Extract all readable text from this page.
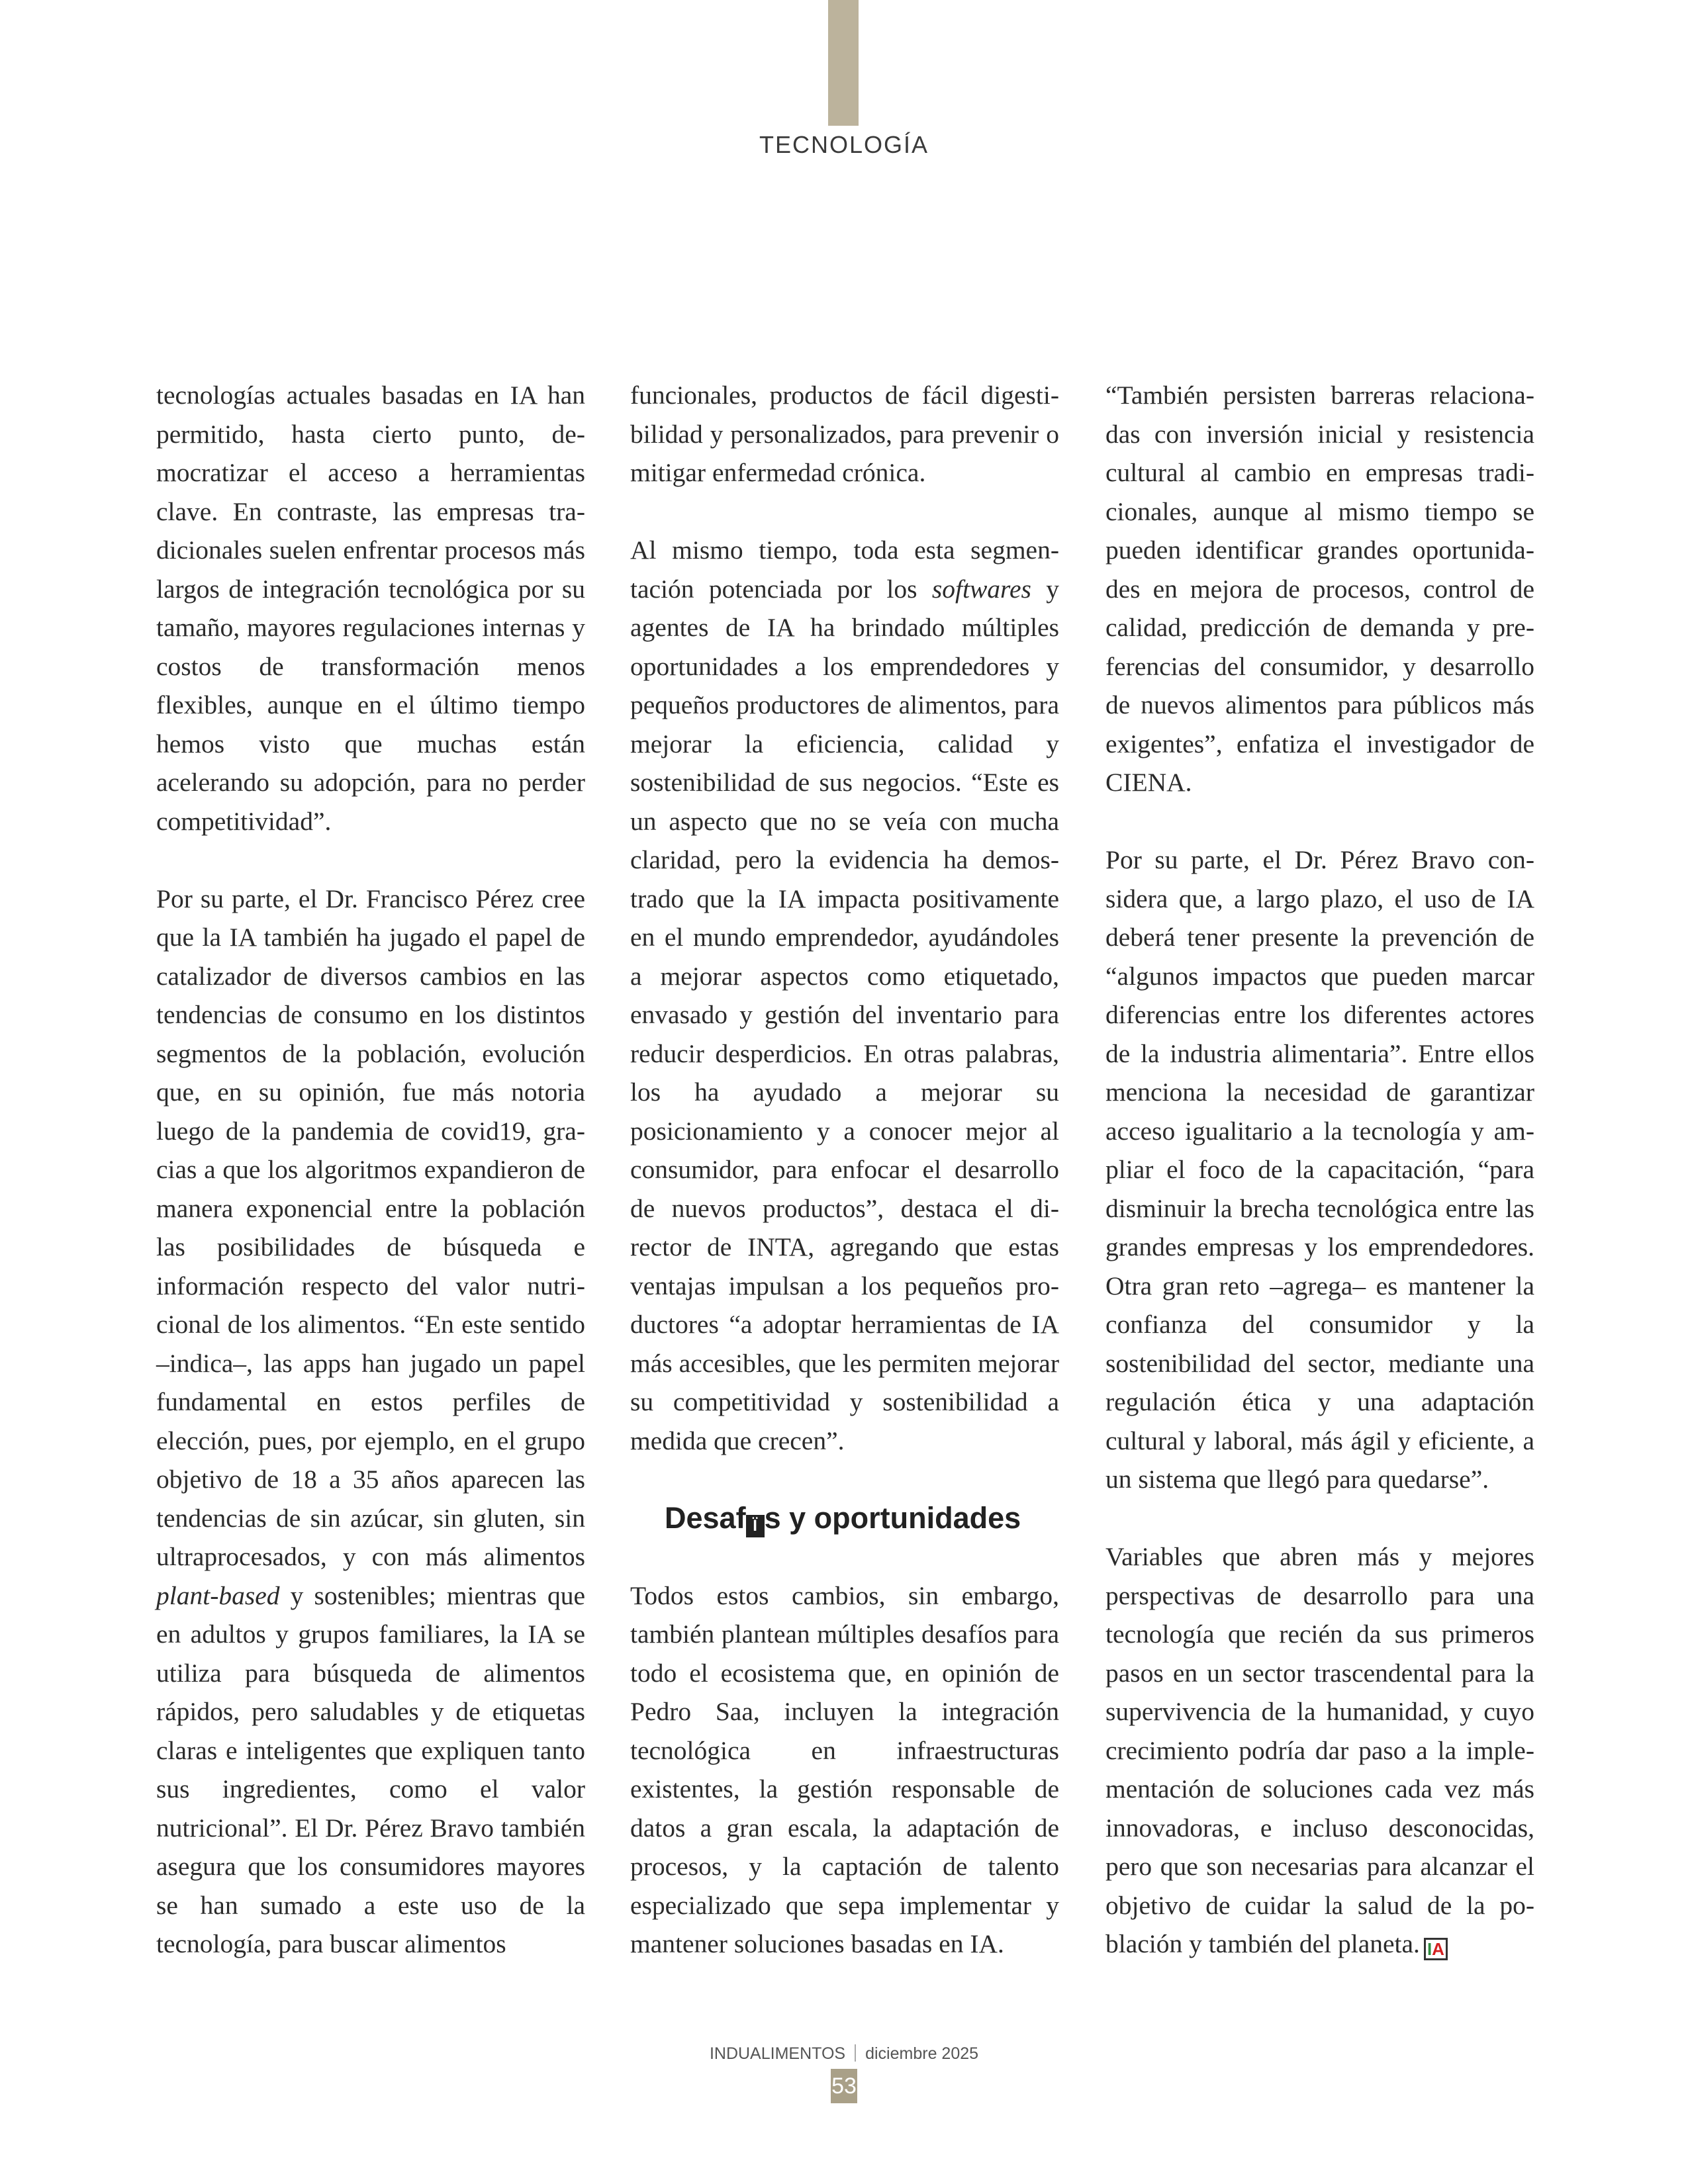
TECNOLOGÍA

tecnologías actuales basadas en IA han permitido, hasta cierto punto, democratizar el acceso a herramientas clave. En contraste, las empresas tradicionales suelen enfrentar procesos más largos de integración tecnológica por su tamaño, mayores regulaciones internas y costos de transformación menos flexibles, aunque en el último tiempo hemos visto que muchas están acelerando su adopción, para no perder competitividad”.

Por su parte, el Dr. Francisco Pérez cree que la IA también ha jugado el papel de catalizador de diversos cambios en las tendencias de consumo en los distintos segmentos de la población, evolución que, en su opinión, fue más notoria luego de la pandemia de covid19, gracias a que los algoritmos expandieron de manera exponencial entre la población las posibilidades de búsqueda e información respecto del valor nutricional de los alimentos. “En este sentido –indica–, las apps han jugado un papel fundamental en estos perfiles de elección, pues, por ejemplo, en el grupo objetivo de 18 a 35 años aparecen las tendencias de sin azúcar, sin gluten, sin ultraprocesados, y con más alimentos plant-based y sostenibles; mientras que en adultos y grupos familiares, la IA se utiliza para búsqueda de alimentos rápidos, pero saludables y de etiquetas claras e inteligentes que expliquen tanto sus ingredientes, como el valor nutricional”. El Dr. Pérez Bravo también asegura que los consumidores mayores se han sumado a este uso de la tecnología, para buscar alimentos

funcionales, productos de fácil digestibilidad y personalizados, para prevenir o mitigar enfermedad crónica.

Al mismo tiempo, toda esta segmentación potenciada por los softwares y agentes de IA ha brindado múltiples oportunidades a los emprendedores y pequeños productores de alimentos, para mejorar la eficiencia, calidad y sostenibilidad de sus negocios. “Este es un aspecto que no se veía con mucha claridad, pero la evidencia ha demostrado que la IA impacta positivamente en el mundo emprendedor, ayudándoles a mejorar aspectos como etiquetado, envasado y gestión del inventario para reducir desperdicios. En otras palabras, los ha ayudado a mejorar su posicionamiento y a conocer mejor al consumidor, para enfocar el desarrollo de nuevos productos”, destaca el director de INTA, agregando que estas ventajas impulsan a los pequeños productores “a adoptar herramientas de IA más accesibles, que les permiten mejorar su competitividad y sostenibilidad a medida que crecen”.

Desaf Ï s y oportunidades

Todos estos cambios, sin embargo, también plantean múltiples desafíos para todo el ecosistema que, en opinión de Pedro Saa, incluyen la integración tecnológica en infraestructuras existentes, la gestión responsable de datos a gran escala, la adaptación de procesos, y la captación de talento especializado que sepa implementar y mantener soluciones basadas en IA.

“También persisten barreras relacionadas con inversión inicial y resistencia cultural al cambio en empresas tradicionales, aunque al mismo tiempo se pueden identificar grandes oportunidades en mejora de procesos, control de calidad, predicción de demanda y preferencias del consumidor, y desarrollo de nuevos alimentos para públicos más exigentes”, enfatiza el investigador de CIENA.

Por su parte, el Dr. Pérez Bravo considera que, a largo plazo, el uso de IA deberá tener presente la prevención de “algunos impactos que pueden marcar diferencias entre los diferentes actores de la industria alimentaria”. Entre ellos menciona la necesidad de garantizar acceso igualitario a la tecnología y ampliar el foco de la capacitación, “para disminuir la brecha tecnológica entre las grandes empresas y los emprendedores. Otra gran reto –agrega– es mantener la confianza del consumidor y la sostenibilidad del sector, mediante una regulación ética y una adaptación cultural y laboral, más ágil y eficiente, a un sistema que llegó para quedarse”.

Variables que abren más y mejores perspectivas de desarrollo para una tecnología que recién da sus primeros pasos en un sector trascendental para la supervivencia de la humanidad, y cuyo crecimiento podría dar paso a la implementación de soluciones cada vez más innovadoras, e incluso desconocidas, pero que son necesarias para alcanzar el objetivo de cuidar la salud de la población y también del planeta. IA

INDUALIMENTOS diciembre 2025
53
